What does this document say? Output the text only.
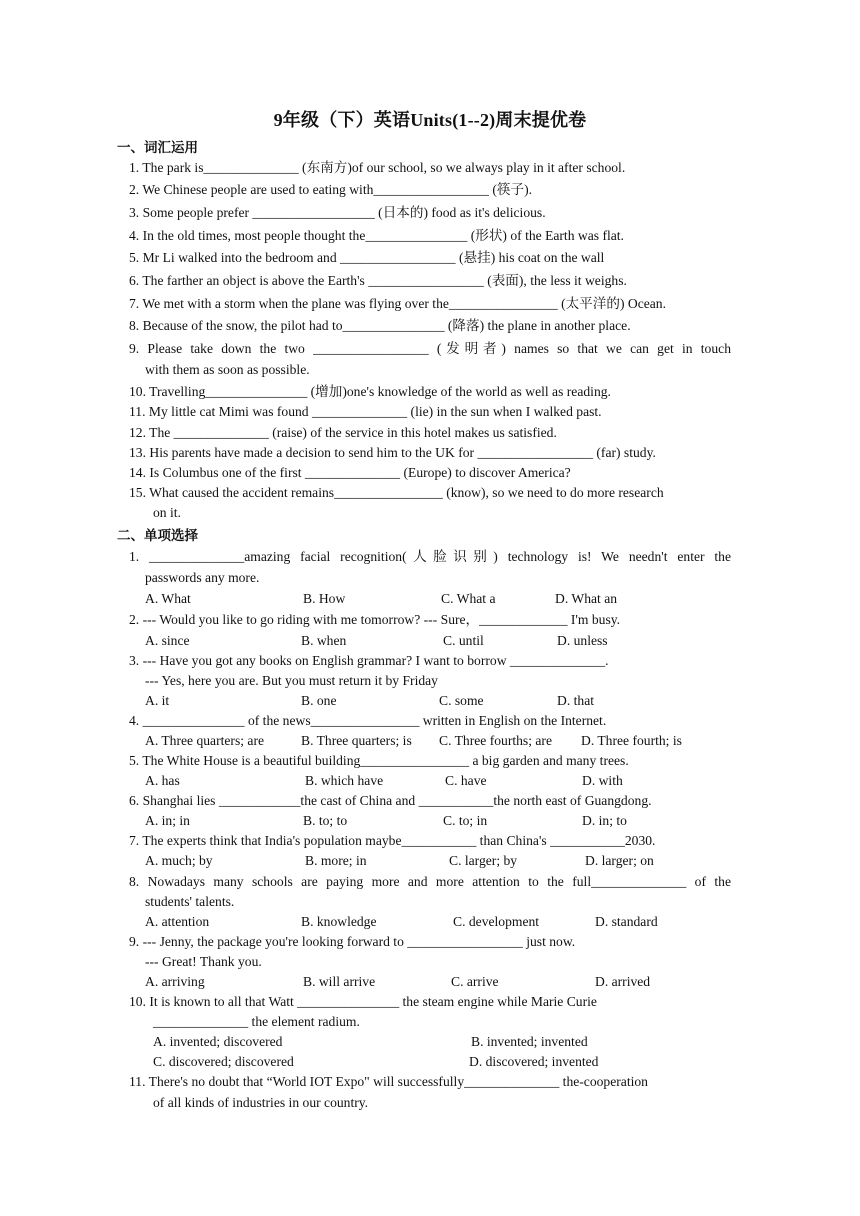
9年级（下）英语Units(1--2)周末提优卷
一、词汇运用
1. The park is______________ (东南方)of our school, so we always play in it after school.
2. We Chinese people are used to eating with_________________ (筷子).
3. Some people prefer __________________ (日本的) food as it's delicious.
4. In the old times, most people thought the_______________ (形状) of the Earth was flat.
5. Mr Li walked into the bedroom and _________________ (悬挂) his coat on the wall
6. The farther an object is above the Earth's _________________ (表面), the less it weighs.
7. We met with a storm when the plane was flying over the________________ (太平洋的) Ocean.
8. Because of the snow, the pilot had to_______________ (降落) the plane in another place.
9. Please take down the two _________________ (发明者) names so that we can get in touch
with them as soon as possible.
10. Travelling_______________ (增加)one's knowledge of the world as well as reading.
11. My little cat Mimi was found ______________ (lie) in the sun when I walked past.
12. The ______________ (raise) of the service in this hotel makes us satisfied.
13. His parents have made a decision to send him to the UK for _________________ (far) study.
14. Is Columbus one of the first ______________ (Europe) to discover America?
15. What caused the accident remains________________ (know), so we need to do more research
on it.
二、单项选择
1. ______________amazing facial recognition(人脸识别) technology is! We needn't enter the
passwords any more.
A. What	B. How	C. What a	D. What an
2. --- Would you like to go riding with me tomorrow? --- Sure，_____________ I'm busy.
A. since	B. when	C. until	D. unless
3. --- Have you got any books on English grammar? I want to borrow ______________.
--- Yes, here you are. But you must return it by Friday
A. it	B. one	C. some	D. that
4. _______________ of the news________________ written in English on the Internet.
A. Three quarters; are	B. Three quarters; is C. Three fourths; are D. Three fourth; is
5. The White House is a beautiful building________________ a big garden and many trees.
A. has	B. which have	C. have	D. with
6. Shanghai lies ____________the cast of China and ___________the north east of Guangdong.
A. in; in	B. to; to	C. to; in	D. in; to
7. The experts think that India's population maybe___________ than China's ___________2030.
A. much; by	B. more; in	C. larger; by	D. larger; on
8. Nowadays many schools are paying more and more attention to the full______________ of the
students' talents.
A. attention	B. knowledge	C. development	D. standard
9. --- Jenny, the package you're looking forward to _________________ just now.
--- Great! Thank you.
A. arriving	B. will arrive	C. arrive	D. arrived
10. It is known to all that Watt _______________ the steam engine while Marie Curie
______________ the element radium.
A. invented; discovered	B. invented; invented
C. discovered; discovered	D. discovered; invented
11. There's no doubt that “World IOT Expo" will successfully______________ the-cooperation
of all kinds of industries in our country.
